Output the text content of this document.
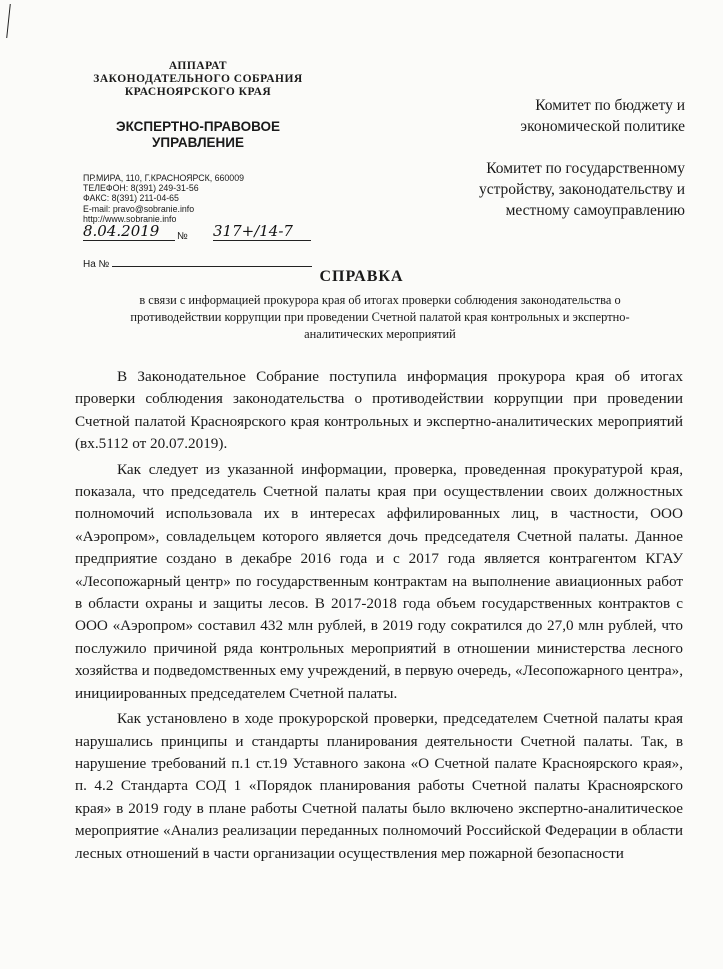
АППАРАТ
ЗАКОНОДАТЕЛЬНОГО СОБРАНИЯ
КРАСНОЯРСКОГО КРАЯ
ЭКСПЕРТНО-ПРАВОВОЕ
УПРАВЛЕНИЕ
ПР.МИРА, 110, Г.КРАСНОЯРСК, 660009
ТЕЛЕФОН: 8(391) 249-31-56
ФАКС: 8(391) 211-04-65
E-mail: pravo@sobranie.info
http://www.sobranie.info
8.04.2019	№ 317+/14-7
На №
Комитет по бюджету и
экономической политике
Комитет по государственному
устройству, законодательству и
местному самоуправлению
СПРАВКА
в связи с информацией прокурора края об итогах проверки соблюдения законодательства о
противодействии коррупции при проведении Счетной палатой края контрольных и экспертно-
аналитических мероприятий

В Законодательное Собрание поступила информация прокурора края об итогах проверки соблюдения законодательства о противодействии коррупции при проведении Счетной палатой Красноярского края контрольных и экспертно-аналитических мероприятий (вх.5112 от 20.07.2019).

Как следует из указанной информации, проверка, проведенная прокуратурой края, показала, что председатель Счетной палаты края при осуществлении своих должностных полномочий использовала их в интересах аффилированных лиц, в частности, ООО «Аэропром», совладельцем которого является дочь председателя Счетной палаты. Данное предприятие создано в декабре 2016 года и с 2017 года является контрагентом КГАУ «Лесопожарный центр» по государственным контрактам на выполнение авиационных работ в области охраны и защиты лесов. В 2017-2018 года объем государственных контрактов с ООО «Аэропром» составил 432 млн рублей, в 2019 году сократился до 27,0 млн рублей, что послужило причиной ряда контрольных мероприятий в отношении министерства лесного хозяйства и подведомственных ему учреждений, в первую очередь, «Лесопожарного центра», инициированных председателем Счетной палаты.

Как установлено в ходе прокурорской проверки, председателем Счетной палаты края нарушались принципы и стандарты планирования деятельности Счетной палаты. Так, в нарушение требований п.1 ст.19 Уставного закона «О Счетной палате Красноярского края», п. 4.2 Стандарта СОД 1 «Порядок планирования работы Счетной палаты Красноярского края» в 2019 году в плане работы Счетной палаты было включено экспертно-аналитическое мероприятие «Анализ реализации переданных полномочий Российской Федерации в области лесных отношений в части организации осуществления мер пожарной безопасности
